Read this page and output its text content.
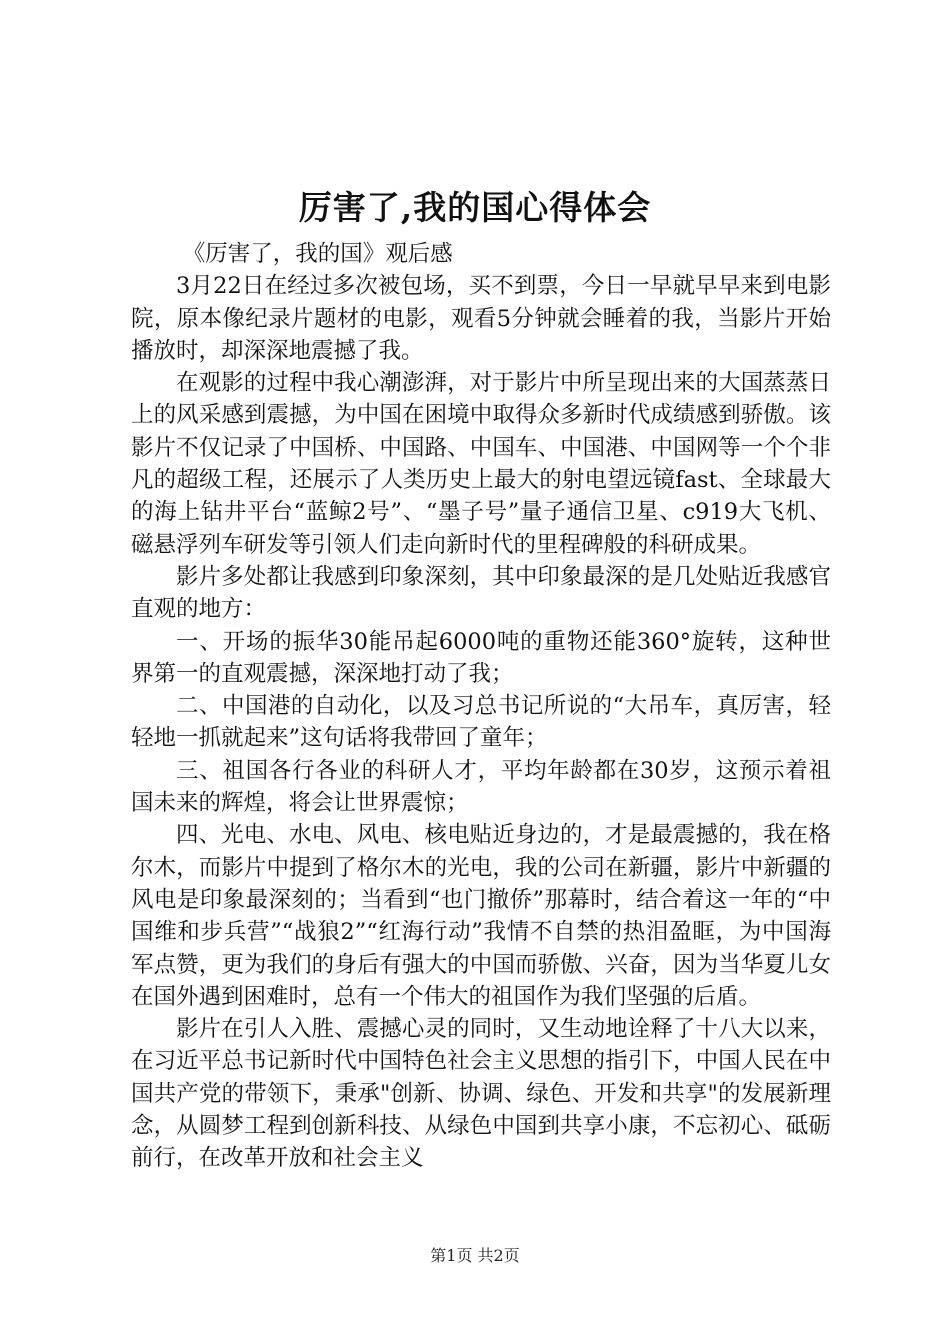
厉害了,我的国心得体会

《厉害了，我的国》观后感

3月22日在经过多次被包场，买不到票，今日一早就早早来到电影院，原本像纪录片题材的电影，观看5分钟就会睡着的我，当影片开始播放时，却深深地震撼了我。

在观影的过程中我心潮澎湃，对于影片中所呈现出来的大国蒸蒸日上的风采感到震撼，为中国在困境中取得众多新时代成绩感到骄傲。该影片不仅记录了中国桥、中国路、中国车、中国港、中国网等一个个非凡的超级工程，还展示了人类历史上最大的射电望远镜fast、全球最大的海上钻井平台“蓝鲸2号”、“墨子号”量子通信卫星、c919大飞机、磁悬浮列车研发等引领人们走向新时代的里程碑般的科研成果。

影片多处都让我感到印象深刻，其中印象最深的是几处贴近我感官直观的地方：

一、开场的振华30能吊起6000吨的重物还能360°旋转，这种世界第一的直观震撼，深深地打动了我；

二、中国港的自动化，以及习总书记所说的“大吊车，真厉害，轻轻地一抓就起来”这句话将我带回了童年；

三、祖国各行各业的科研人才，平均年龄都在30岁，这预示着祖国未来的辉煌，将会让世界震惊；

四、光电、水电、风电、核电贴近身边的，才是最震撼的，我在格尔木，而影片中提到了格尔木的光电，我的公司在新疆，影片中新疆的风电是印象最深刻的；当看到“也门撤侨”那幕时，结合着这一年的“中国维和步兵营”“战狼2”“红海行动”我情不自禁的热泪盈眶，为中国海军点赞，更为我们的身后有强大的中国而骄傲、兴奋，因为当华夏儿女在国外遇到困难时，总有一个伟大的祖国作为我们坚强的后盾。

影片在引人入胜、震撼心灵的同时，又生动地诠释了十八大以来，在习近平总书记新时代中国特色社会主义思想的指引下，中国人民在中国共产党的带领下，秉承"创新、协调、绿色、开发和共享"的发展新理念，从圆梦工程到创新科技、从绿色中国到共享小康，不忘初心、砥砺前行，在改革开放和社会主义

第1页 共2页
